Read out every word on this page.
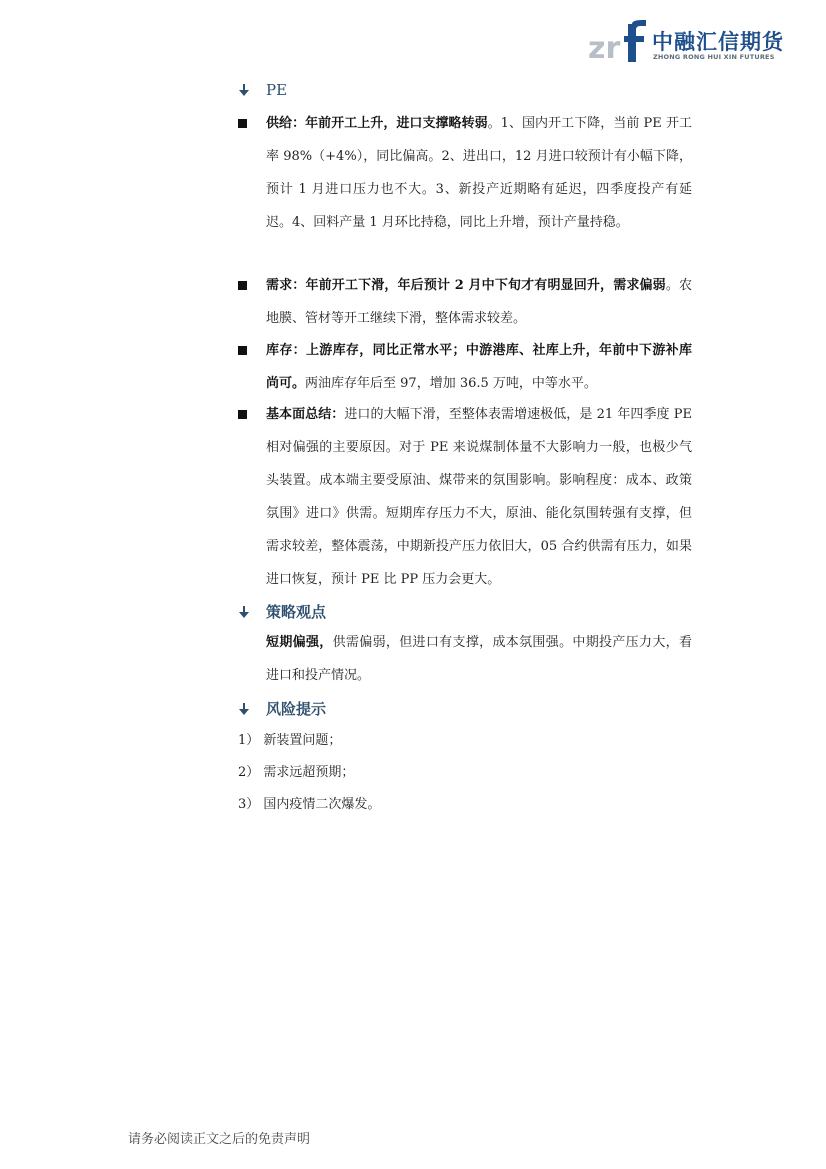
zr 中融汇信期货
ZHONG RONG HUI XIN FUTURES
PE

供给：年前开工上升，进口支撑略转弱。1、国内开工下降，当前 PE 开工率 98%（+4%），同比偏高。2、进出口，12 月进口较预计有小幅下降，预计 1 月进口压力也不大。3、新投产近期略有延迟，四季度投产有延迟。4、回料产量 1 月环比持稳，同比上升增，预计产量持稳。

需求：年前开工下滑，年后预计 2 月中下旬才有明显回升，需求偏弱。农地膜、管材等开工继续下滑，整体需求较差。

库存：上游库存，同比正常水平；中游港库、社库上升，年前中下游补库尚可。两油库存年后至 97，增加 36.5 万吨，中等水平。

基本面总结：进口的大幅下滑，至整体表需增速极低，是 21 年四季度 PE 相对偏强的主要原因。对于 PE 来说煤制体量不大影响力一般，也极少气头装置。成本端主要受原油、煤带来的氛围影响。影响程度：成本、政策氛围》进口》供需。短期库存压力不大，原油、能化氛围转强有支撑，但需求较差，整体震荡，中期新投产压力依旧大，05 合约供需有压力，如果进口恢复，预计 PE 比 PP 压力会更大。

策略观点

短期偏强，供需偏弱，但进口有支撑，成本氛围强。中期投产压力大，看进口和投产情况。

风险提示
1） 新装置问题；
2） 需求远超预期；
3） 国内疫情二次爆发。
请务必阅读正文之后的免责声明
